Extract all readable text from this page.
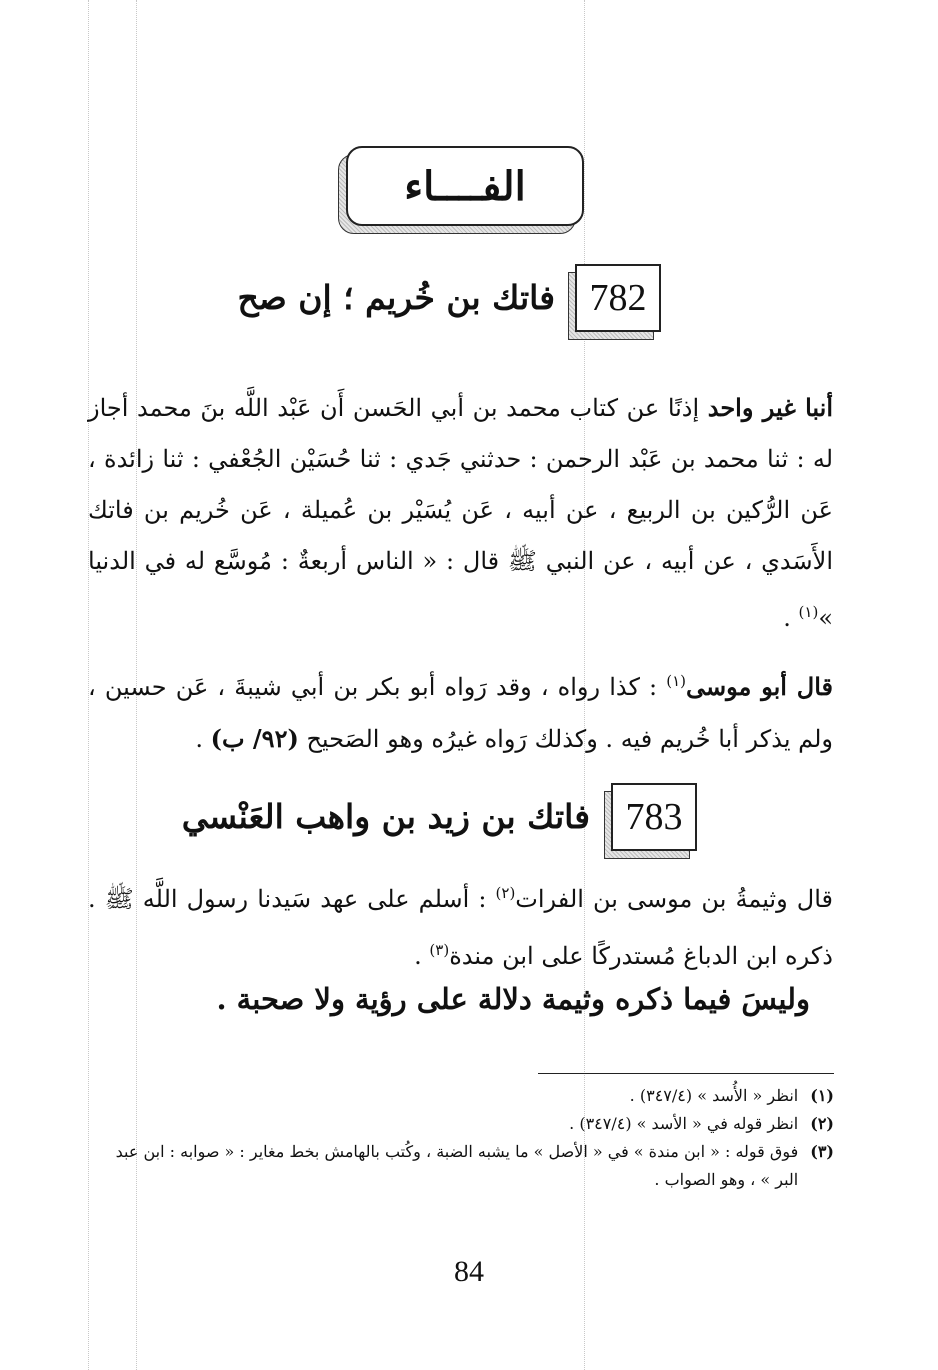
الفــــاء
782
فاتك بن خُريم ؛ إن صح
أنبا غير واحد إذنًا عن كتاب محمد بن أبي الحَسن أَن عَبْد اللَّه بنَ محمد أجاز له : ثنا محمد بن عَبْد الرحمن : حدثني جَدي : ثنا حُسَيْن الجُعْفي : ثنا زائدة ، عَن الرُّكين بن الربيع ، عن أبيه ، عَن يُسَيْر بن عُميلة ، عَن خُريم بن فاتك الأَسَدي ، عن أبيه ، عن النبي ﷺ قال : « الناس أربعةٌ : مُوسَّع له في الدنيا »$^{(١)}$ .
قال أبو موسى$^{(١)}$ : كذا رواه ، وقد رَواه أبو بكر بن أبي شيبةَ ، عَن حسين ، ولم يذكر أبا خُريم فيه . وكذلك رَواه غيرُه وهو الصَحيح (٩٢/ ب) .
783
فاتك بن زيد بن واهب العَنْسي
قال وثيمةُ بن موسى بن الفرات$^{(٢)}$ : أسلم على عهد سَيدنا رسول اللَّه ﷺ . ذكره ابن الدباغ مُستدركًا على ابن مندة$^{(٣)}$ .
وليسَ فيما ذكره وثيمة دلالة على رؤية ولا صحبة .
(١)
انظر « الأُسد » (٣٤٧/٤) .
(٢)
انظر قوله في « الأسد » (٣٤٧/٤) .
(٣)
فوق قوله : « ابن مندة » في « الأصل » ما يشبه الضبة ، وكُتب بالهامش بخط مغاير : « صوابه : ابن عبد البر » ، وهو الصواب .
84
